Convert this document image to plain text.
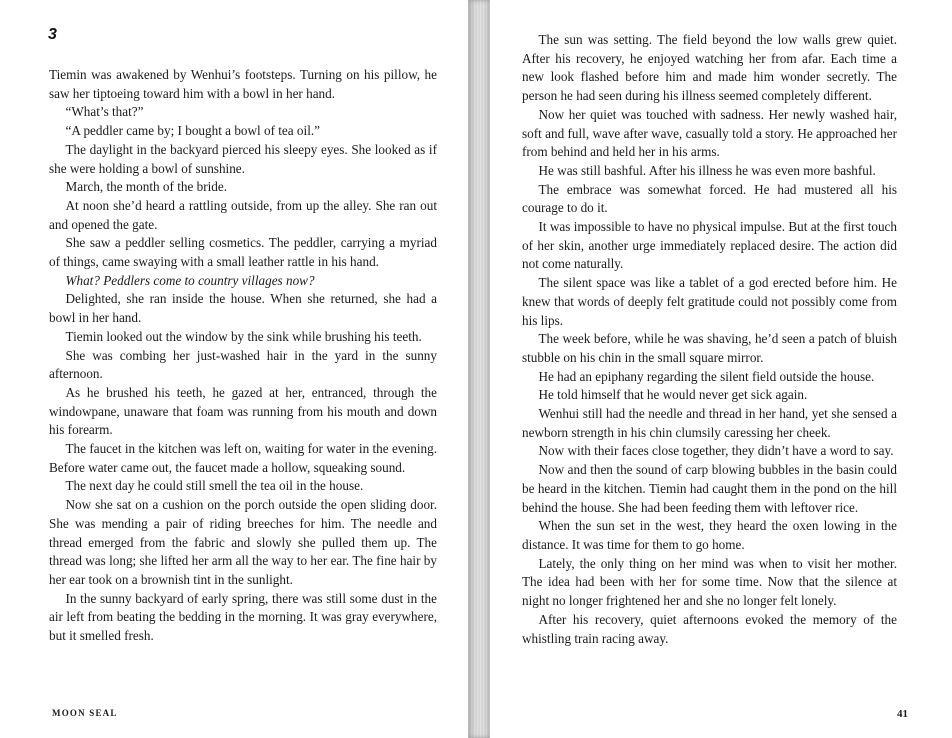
3

Tiemin was awakened by Wenhui’s footsteps. Turning on his pillow, he saw her tiptoeing toward him with a bowl in her hand.

“What’s that?”

“A peddler came by; I bought a bowl of tea oil.”

The daylight in the backyard pierced his sleepy eyes. She looked as if she were holding a bowl of sunshine.

March, the month of the bride.

At noon she’d heard a rattling outside, from up the alley. She ran out and opened the gate.

She saw a peddler selling cosmetics. The peddler, carrying a myriad of things, came swaying with a small leather rattle in his hand.

What? Peddlers come to country villages now?

Delighted, she ran inside the house. When she returned, she had a bowl in her hand.

Tiemin looked out the window by the sink while brushing his teeth.

She was combing her just-washed hair in the yard in the sunny afternoon.

As he brushed his teeth, he gazed at her, entranced, through the windowpane, unaware that foam was running from his mouth and down his forearm.

The faucet in the kitchen was left on, waiting for water in the evening. Before water came out, the faucet made a hollow, squeaking sound.

The next day he could still smell the tea oil in the house.

Now she sat on a cushion on the porch outside the open sliding door. She was mending a pair of riding breeches for him. The needle and thread emerged from the fabric and slowly she pulled them up. The thread was long; she lifted her arm all the way to her ear. The fine hair by her ear took on a brownish tint in the sunlight.

In the sunny backyard of early spring, there was still some dust in the air left from beating the bedding in the morning. It was gray everywhere, but it smelled fresh.

MOON SEAL

The sun was setting. The field beyond the low walls grew quiet. After his recovery, he enjoyed watching her from afar. Each time a new look flashed before him and made him wonder secretly. The person he had seen during his illness seemed completely different.

Now her quiet was touched with sadness. Her newly washed hair, soft and full, wave after wave, casually told a story. He approached her from behind and held her in his arms.

He was still bashful. After his illness he was even more bashful.

The embrace was somewhat forced. He had mustered all his courage to do it.

It was impossible to have no physical impulse. But at the first touch of her skin, another urge immediately replaced desire. The action did not come naturally.

The silent space was like a tablet of a god erected before him. He knew that words of deeply felt gratitude could not possibly come from his lips.

The week before, while he was shaving, he’d seen a patch of bluish stubble on his chin in the small square mirror.

He had an epiphany regarding the silent field outside the house.

He told himself that he would never get sick again.

Wenhui still had the needle and thread in her hand, yet she sensed a newborn strength in his chin clumsily caressing her cheek.

Now with their faces close together, they didn’t have a word to say.

Now and then the sound of carp blowing bubbles in the basin could be heard in the kitchen. Tiemin had caught them in the pond on the hill behind the house. She had been feeding them with leftover rice.

When the sun set in the west, they heard the oxen lowing in the distance. It was time for them to go home.

Lately, the only thing on her mind was when to visit her mother. The idea had been with her for some time. Now that the silence at night no longer frightened her and she no longer felt lonely.

After his recovery, quiet afternoons evoked the memory of the whistling train racing away.

41
